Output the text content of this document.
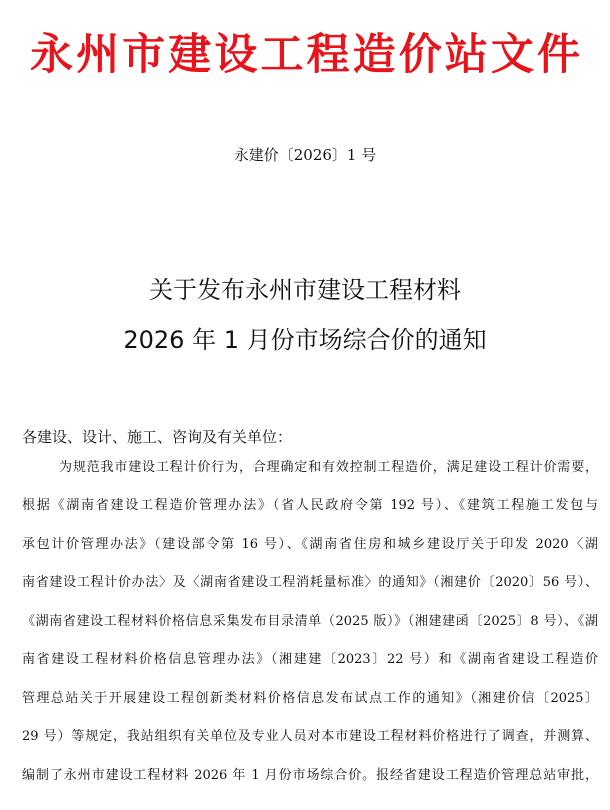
永州市建设工程造价站文件
永建价〔2026〕1 号
关于发布永州市建设工程材料
2026 年 1 月份市场综合价的通知
各建设、设计、施工、咨询及有关单位：
为规范我市建设工程计价行为，合理确定和有效控制工程造价，满足建设工程计价需要，
根据《湖南省建设工程造价管理办法》（省人民政府令第 192 号）、《建筑工程施工发包与
承包计价管理办法》（建设部令第 16 号）、《湖南省住房和城乡建设厅关于印发 2020〈湖
南省建设工程计价办法〉及〈湖南省建设工程消耗量标准〉的通知》（湘建价〔2020〕56 号）、
《湖南省建设工程材料价格信息采集发布目录清单（2025 版）》（湘建建函〔2025〕8 号）、《湖
南省建设工程材料价格信息管理办法》（湘建建〔2023〕22 号）和《湖南省建设工程造价
管理总站关于开展建设工程创新类材料价格信息发布试点工作的通知》（湘建价信〔2025〕
29 号）等规定，我站组织有关单位及专业人员对本市建设工程材料价格进行了调查，并测算、
编制了永州市建设工程材料 2026 年 1 月份市场综合价。报经省建设工程造价管理总站审批，
